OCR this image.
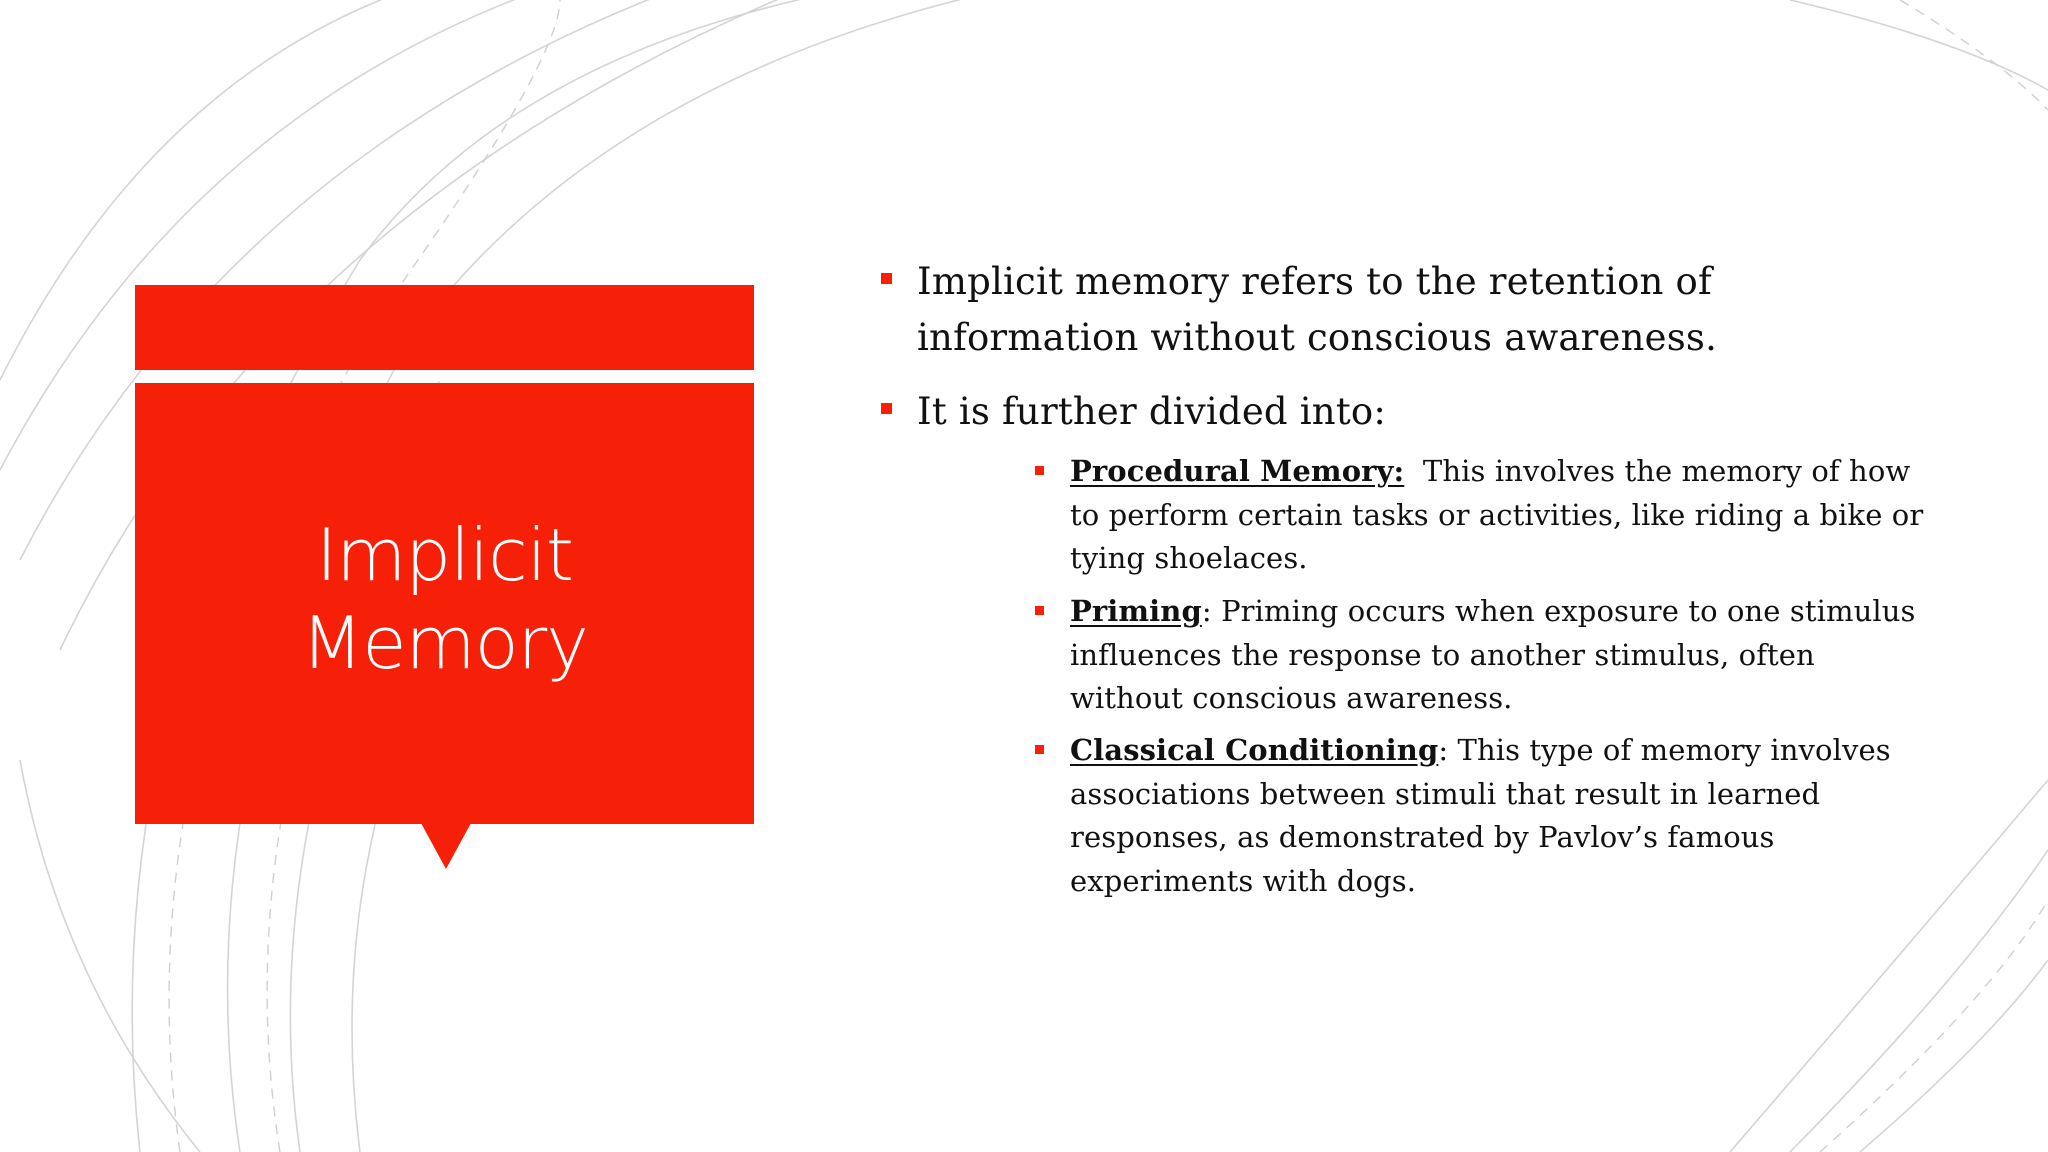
Implicit
Memory
Implicit memory refers to the retention of information without conscious awareness.
It is further divided into:
Procedural Memory:  This involves the memory of how to perform certain tasks or activities, like riding a bike or tying shoelaces.
Priming: Priming occurs when exposure to one stimulus influences the response to another stimulus, often without conscious awareness.
Classical Conditioning: This type of memory involves associations between stimuli that result in learned responses, as demonstrated by Pavlov’s famous experiments with dogs.
